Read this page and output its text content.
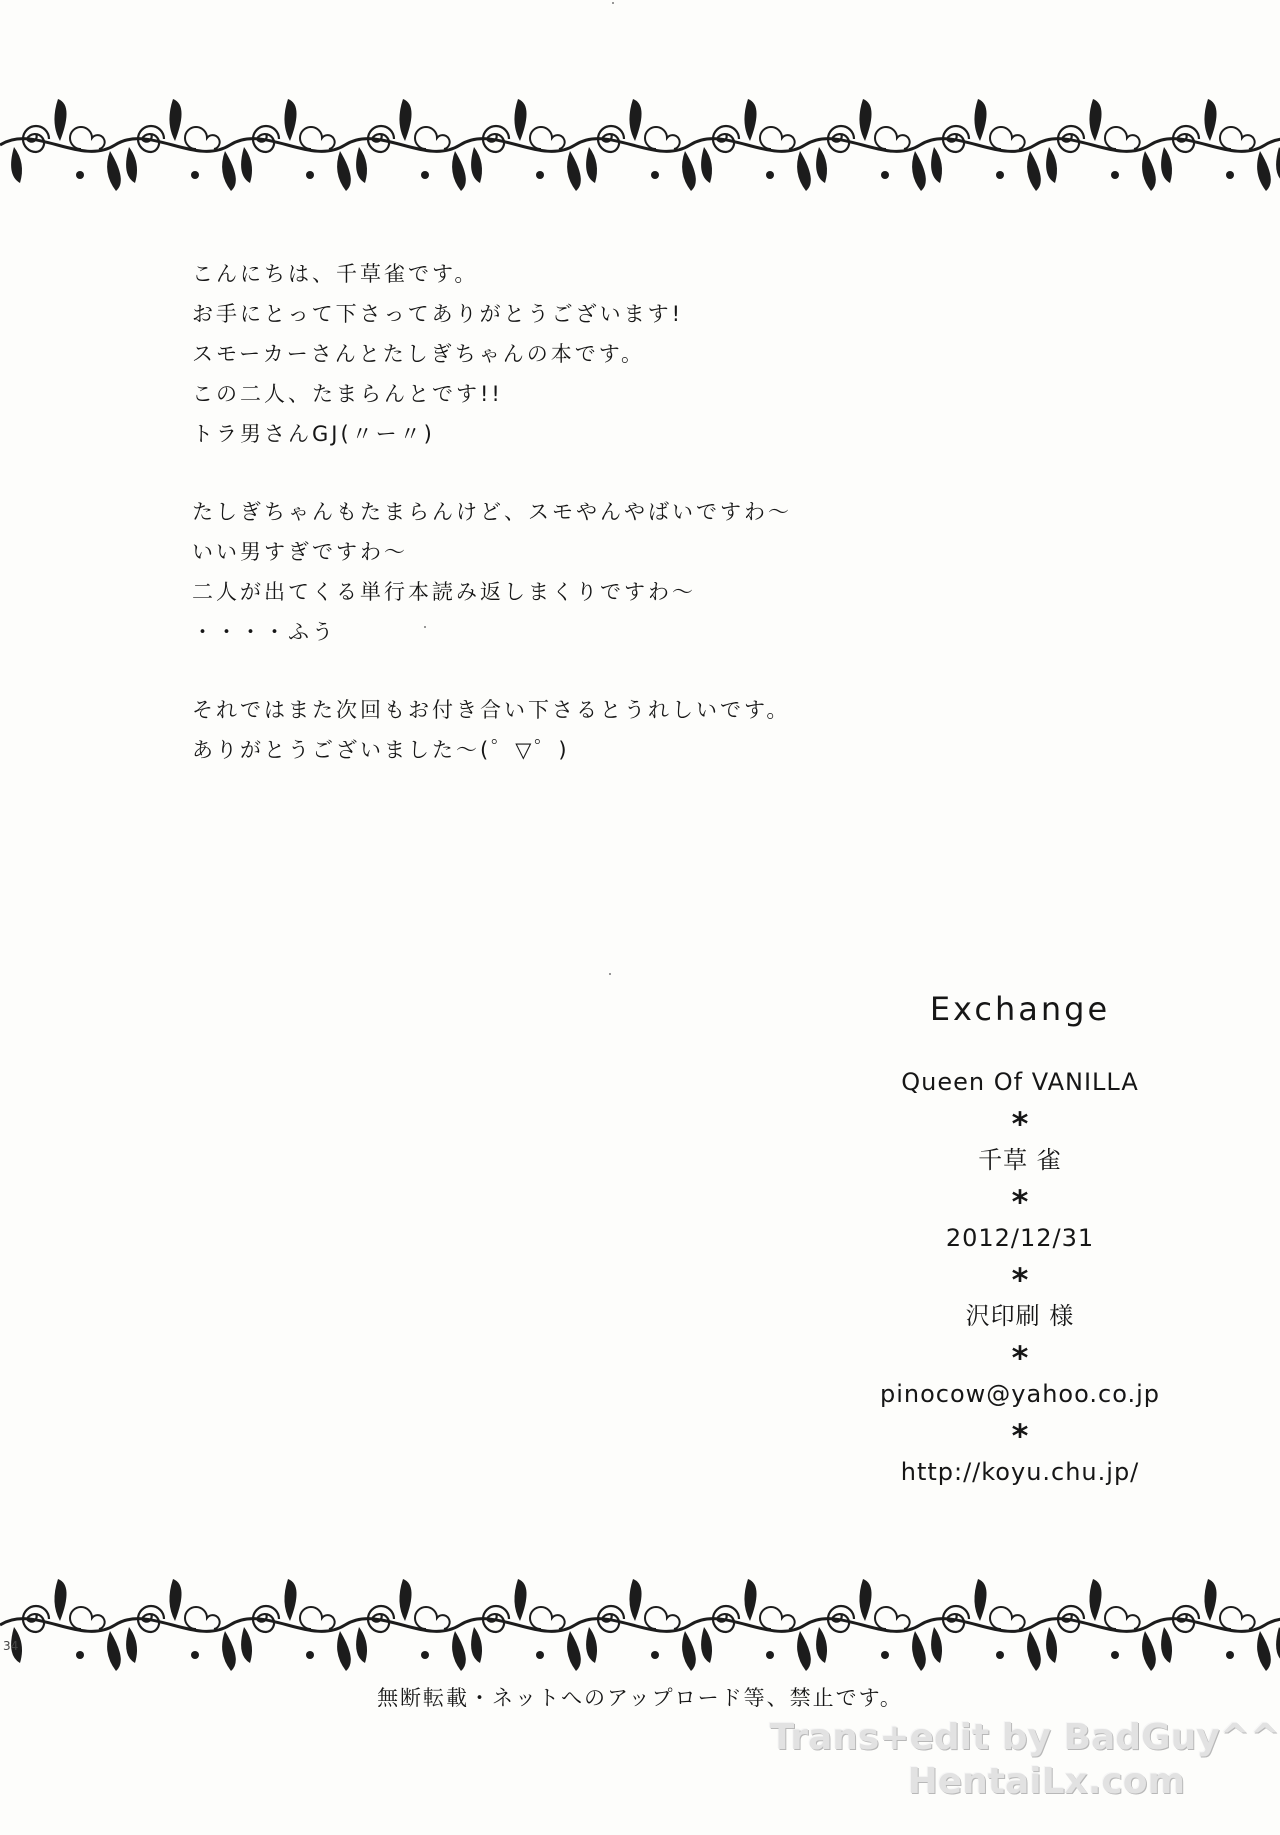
こんにちは、千草雀です。
お手にとって下さってありがとうございます!
スモーカーさんとたしぎちゃんの本です。
この二人、たまらんとです!!
トラ男さんGJ(〃ー〃)
たしぎちゃんもたまらんけど、スモやんやばいですわ〜
いい男すぎですわ〜
二人が出てくる単行本読み返しまくりですわ〜
・・・・ふう
それではまた次回もお付き合い下さるとうれしいです。
ありがとうございました〜(゜▽゜)
Exchange
Queen Of VANILLA
*
千草 雀
*
2012/12/31
*
沢印刷 様
*
pinocow@yahoo.co.jp
*
http://koyu.chu.jp/
34
無断転載・ネットへのアップロード等、禁止です。
Trans+edit by BadGuy^^
HentaiLx.com
